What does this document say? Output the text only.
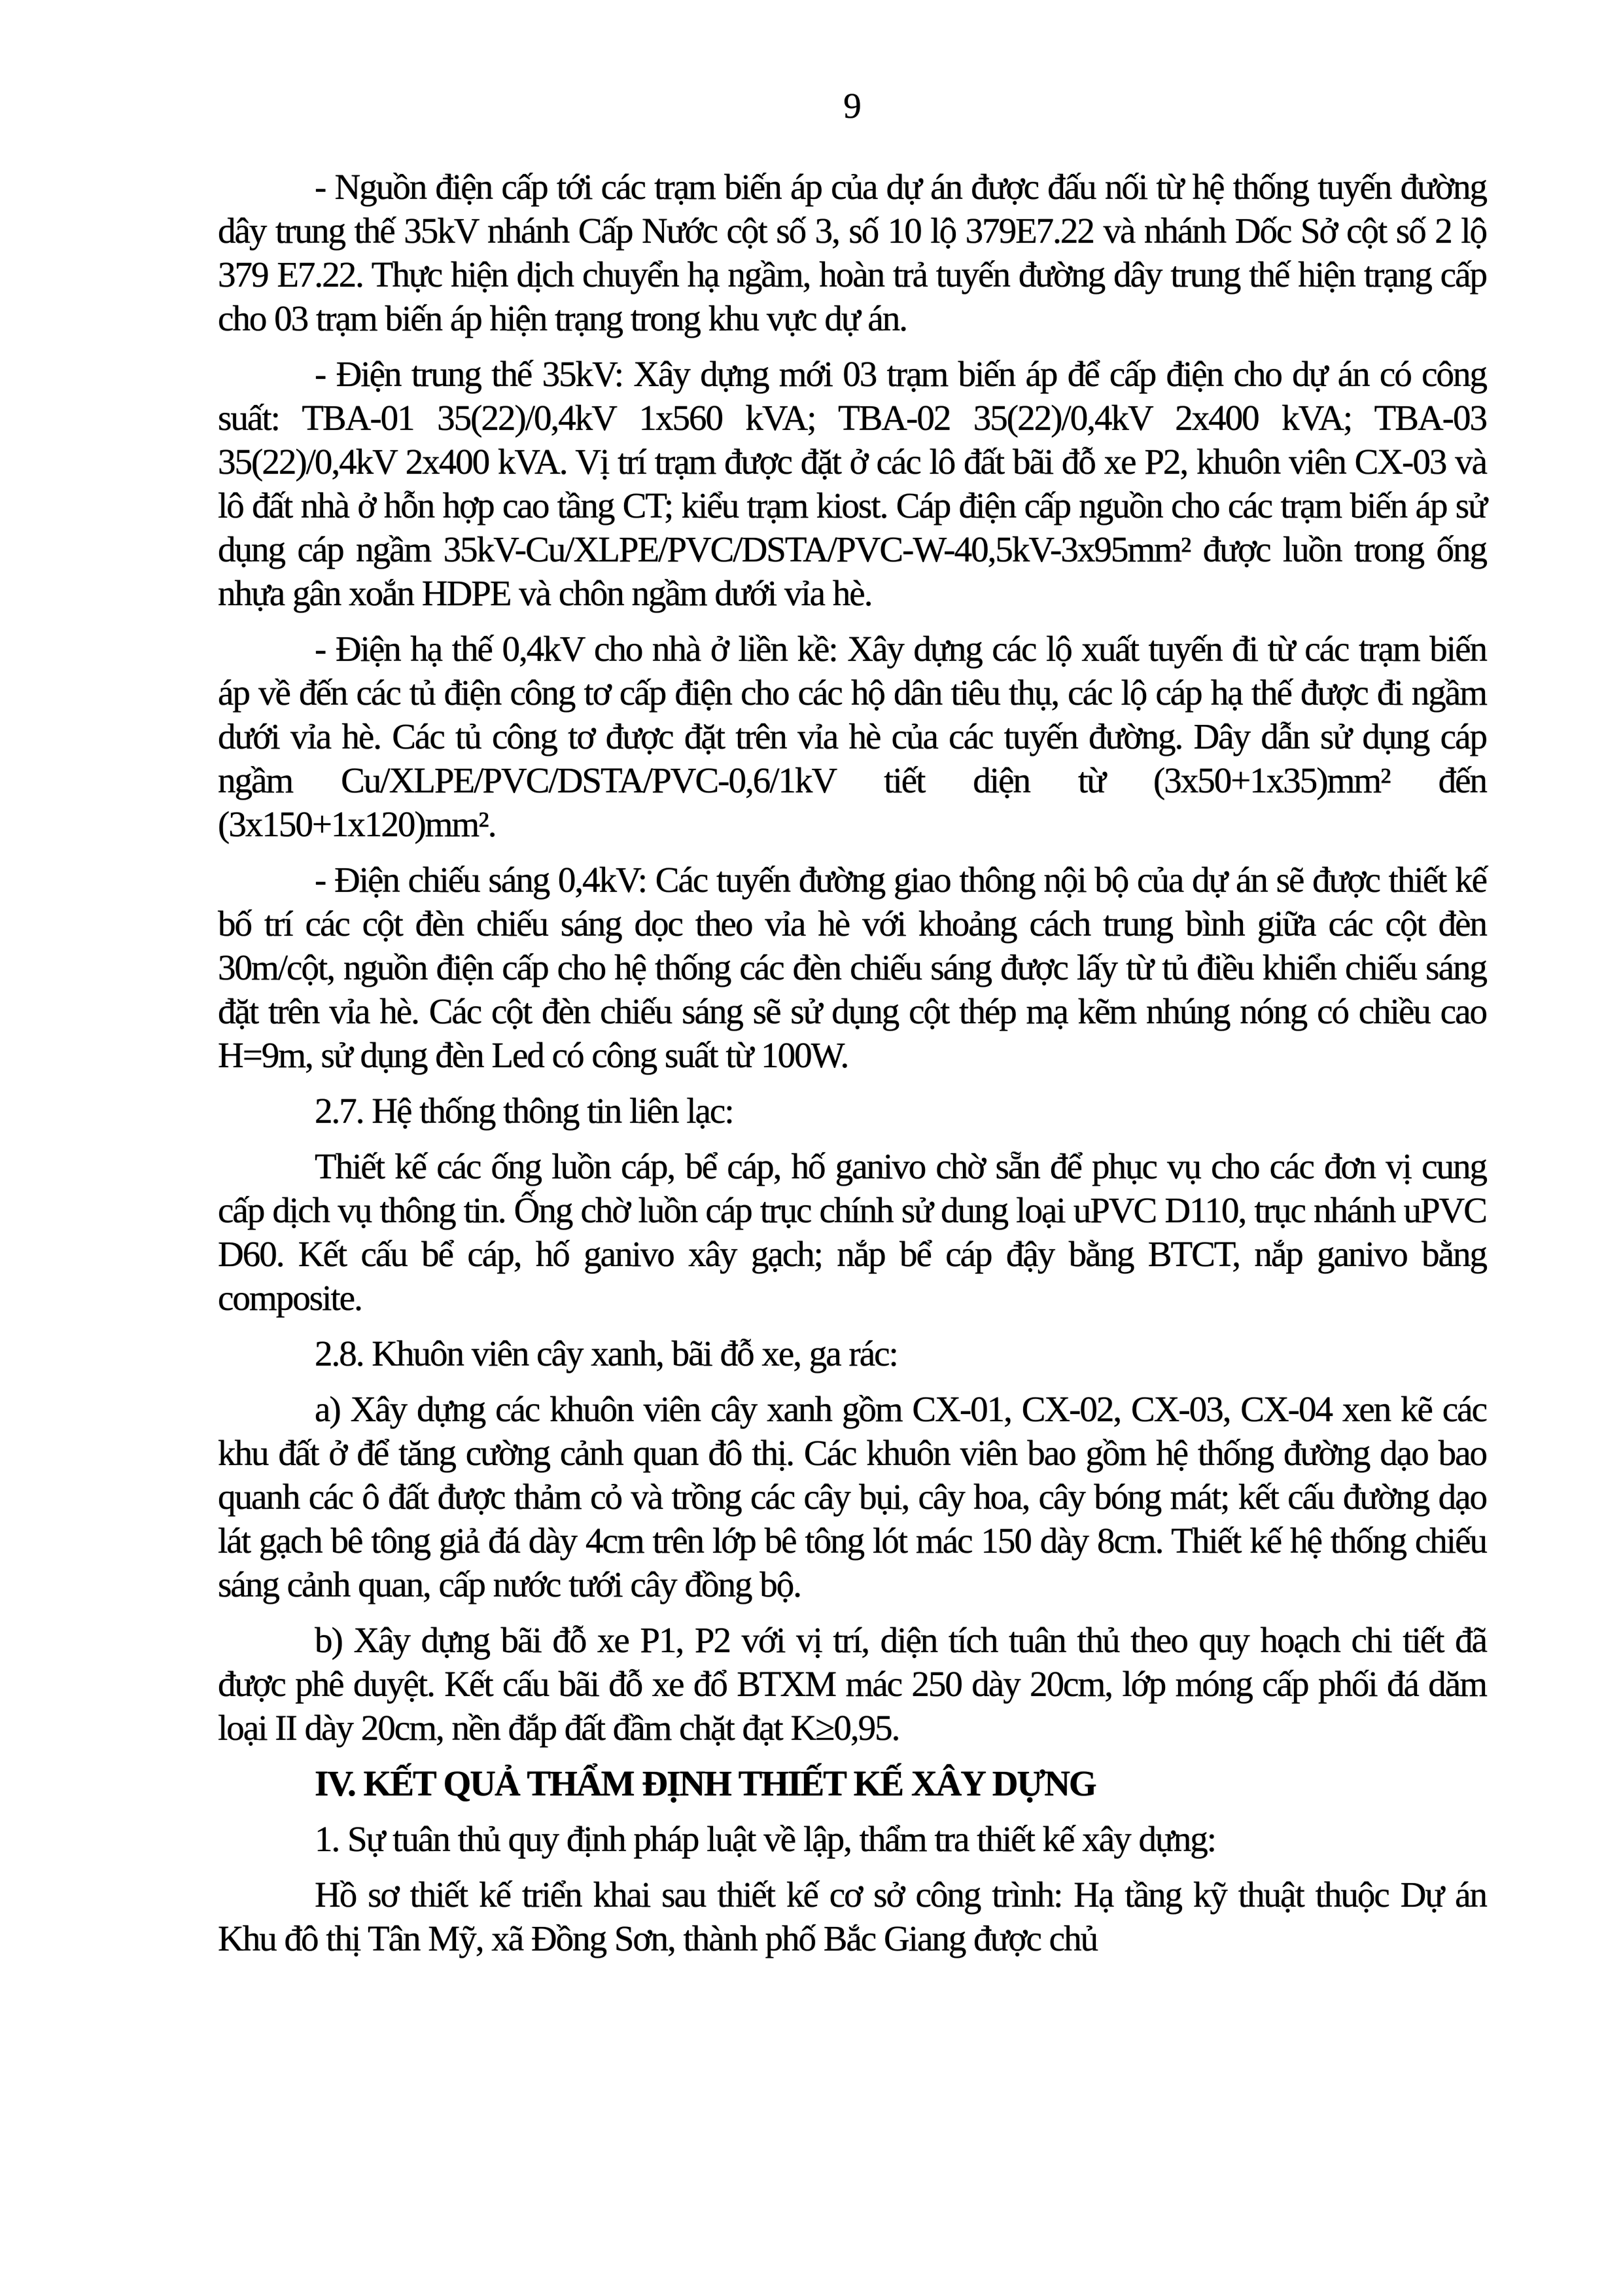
9

- Nguồn điện cấp tới các trạm biến áp của dự án được đấu nối từ hệ thống tuyến đường dây trung thế 35kV nhánh Cấp Nước cột số 3, số 10 lộ 379E7.22 và nhánh Dốc Sở cột số 2 lộ 379 E7.22. Thực hiện dịch chuyển hạ ngầm, hoàn trả tuyến đường dây trung thế hiện trạng cấp cho 03 trạm biến áp hiện trạng trong khu vực dự án.

- Điện trung thế 35kV: Xây dựng mới 03 trạm biến áp để cấp điện cho dự án có công suất: TBA-01 35(22)/0,4kV 1x560 kVA; TBA-02 35(22)/0,4kV 2x400 kVA; TBA-03 35(22)/0,4kV 2x400 kVA. Vị trí trạm được đặt ở các lô đất bãi đỗ xe P2, khuôn viên CX-03 và lô đất nhà ở hỗn hợp cao tầng CT; kiểu trạm kiost. Cáp điện cấp nguồn cho các trạm biến áp sử dụng cáp ngầm 35kV-Cu/XLPE/PVC/DSTA/PVC-W-40,5kV-3x95mm² được luồn trong ống nhựa gân xoắn HDPE và chôn ngầm dưới vỉa hè.

- Điện hạ thế 0,4kV cho nhà ở liền kề: Xây dựng các lộ xuất tuyến đi từ các trạm biến áp về đến các tủ điện công tơ cấp điện cho các hộ dân tiêu thụ, các lộ cáp hạ thế được đi ngầm dưới vỉa hè. Các tủ công tơ được đặt trên vỉa hè của các tuyến đường. Dây dẫn sử dụng cáp ngầm Cu/XLPE/PVC/DSTA/PVC-0,6/1kV tiết diện từ (3x50+1x35)mm² đến (3x150+1x120)mm².

- Điện chiếu sáng 0,4kV: Các tuyến đường giao thông nội bộ của dự án sẽ được thiết kế bố trí các cột đèn chiếu sáng dọc theo vỉa hè với khoảng cách trung bình giữa các cột đèn 30m/cột, nguồn điện cấp cho hệ thống các đèn chiếu sáng được lấy từ tủ điều khiển chiếu sáng đặt trên vỉa hè. Các cột đèn chiếu sáng sẽ sử dụng cột thép mạ kẽm nhúng nóng có chiều cao H=9m, sử dụng đèn Led có công suất từ 100W.

2.7. Hệ thống thông tin liên lạc:

Thiết kế các ống luồn cáp, bể cáp, hố ganivo chờ sẵn để phục vụ cho các đơn vị cung cấp dịch vụ thông tin. Ống chờ luồn cáp trục chính sử dung loại uPVC D110, trục nhánh uPVC D60. Kết cấu bể cáp, hố ganivo xây gạch; nắp bể cáp đậy bằng BTCT, nắp ganivo bằng composite.

2.8. Khuôn viên cây xanh, bãi đỗ xe, ga rác:

a) Xây dựng các khuôn viên cây xanh gồm CX-01, CX-02, CX-03, CX-04 xen kẽ các khu đất ở để tăng cường cảnh quan đô thị. Các khuôn viên bao gồm hệ thống đường dạo bao quanh các ô đất được thảm cỏ và trồng các cây bụi, cây hoa, cây bóng mát; kết cấu đường dạo lát gạch bê tông giả đá dày 4cm trên lớp bê tông lót mác 150 dày 8cm. Thiết kế hệ thống chiếu sáng cảnh quan, cấp nước tưới cây đồng bộ.

b) Xây dựng bãi đỗ xe P1, P2 với vị trí, diện tích tuân thủ theo quy hoạch chi tiết đã được phê duyệt. Kết cấu bãi đỗ xe đổ BTXM mác 250 dày 20cm, lớp móng cấp phối đá dăm loại II dày 20cm, nền đắp đất đầm chặt đạt K≥0,95.

IV. KẾT QUẢ THẨM ĐỊNH THIẾT KẾ XÂY DỰNG

1. Sự tuân thủ quy định pháp luật về lập, thẩm tra thiết kế xây dựng:

Hồ sơ thiết kế triển khai sau thiết kế cơ sở công trình: Hạ tầng kỹ thuật thuộc Dự án Khu đô thị Tân Mỹ, xã Đồng Sơn, thành phố Bắc Giang được chủ
